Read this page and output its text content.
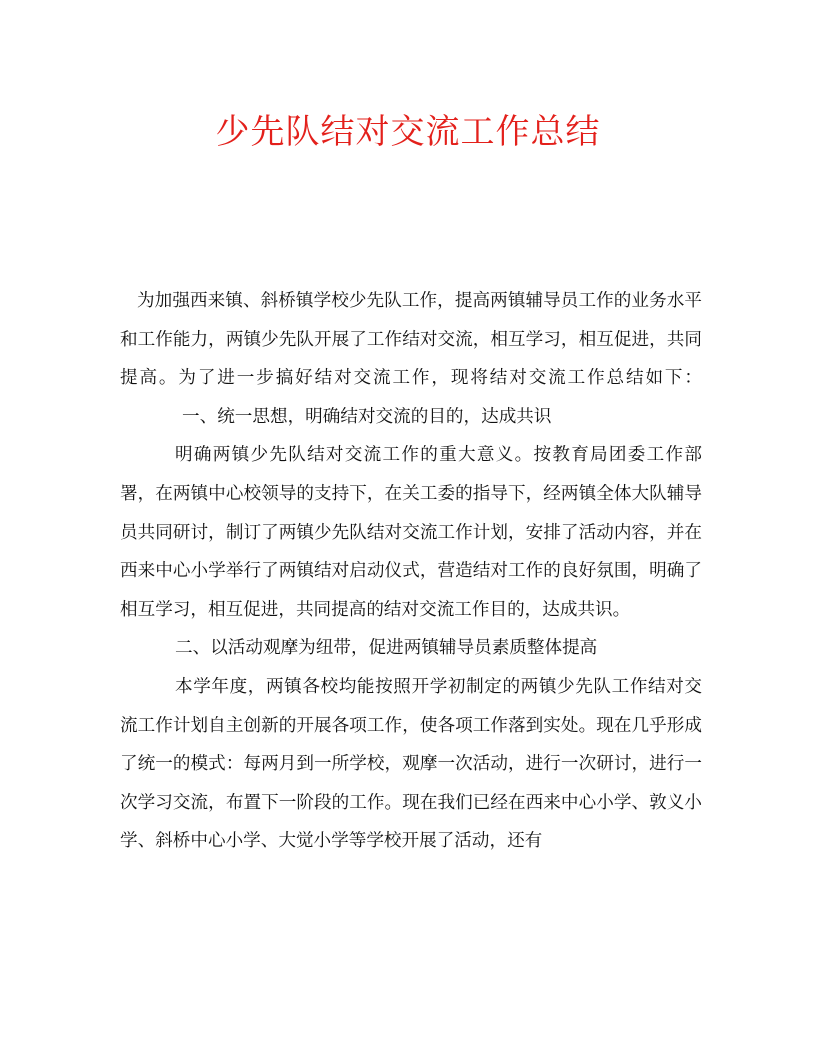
少先队结对交流工作总结

为加强西来镇、斜桥镇学校少先队工作，提高两镇辅导员工作的业务水平和工作能力，两镇少先队开展了工作结对交流，相互学习，相互促进，共同提高。为了进一步搞好结对交流工作，现将结对交流工作总结如下：一、统一思想，明确结对交流的目的，达成共识

明确两镇少先队结对交流工作的重大意义。按教育局团委工作部署，在两镇中心校领导的支持下，在关工委的指导下，经两镇全体大队辅导员共同研讨，制订了两镇少先队结对交流工作计划，安排了活动内容，并在西来中心小学举行了两镇结对启动仪式，营造结对工作的良好氛围，明确了相互学习，相互促进，共同提高的结对交流工作目的，达成共识。

二、以活动观摩为纽带，促进两镇辅导员素质整体提高

本学年度，两镇各校均能按照开学初制定的两镇少先队工作结对交流工作计划自主创新的开展各项工作，使各项工作落到实处。现在几乎形成了统一的模式：每两月到一所学校，观摩一次活动，进行一次研讨，进行一次学习交流，布置下一阶段的工作。现在我们已经在西来中心小学、敦义小学、斜桥中心小学、大觉小学等学校开展了活动，还有
